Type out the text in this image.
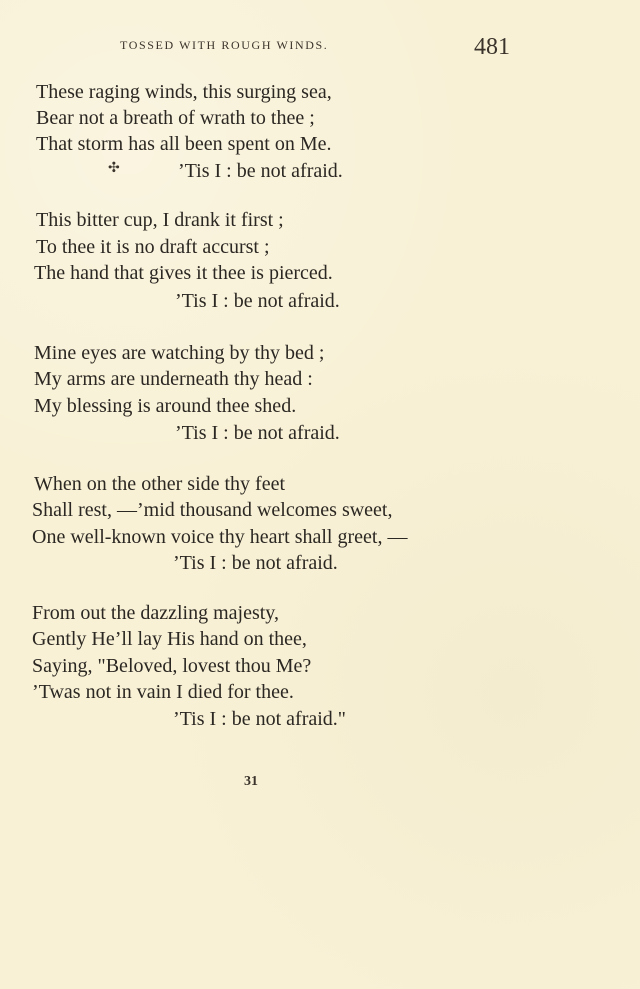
TOSSED WITH ROUGH WINDS.	481
✣
These raging winds, this surging sea,
Bear not a breath of wrath to thee ;
That storm has all been spent on Me.
’Tis I : be not afraid.
This bitter cup, I drank it first ;
To thee it is no draft accurst ;
The hand that gives it thee is pierced.
’Tis I : be not afraid.
Mine eyes are watching by thy bed ;
My arms are underneath thy head :
My blessing is around thee shed.
’Tis I : be not afraid.
When on the other side thy feet
Shall rest, —’mid thousand welcomes sweet,
One well-known voice thy heart shall greet, —
’Tis I : be not afraid.
From out the dazzling majesty,
Gently He’ll lay His hand on thee,
Saying, "Beloved, lovest thou Me?
’Twas not in vain I died for thee.
’Tis I : be not afraid."
31
